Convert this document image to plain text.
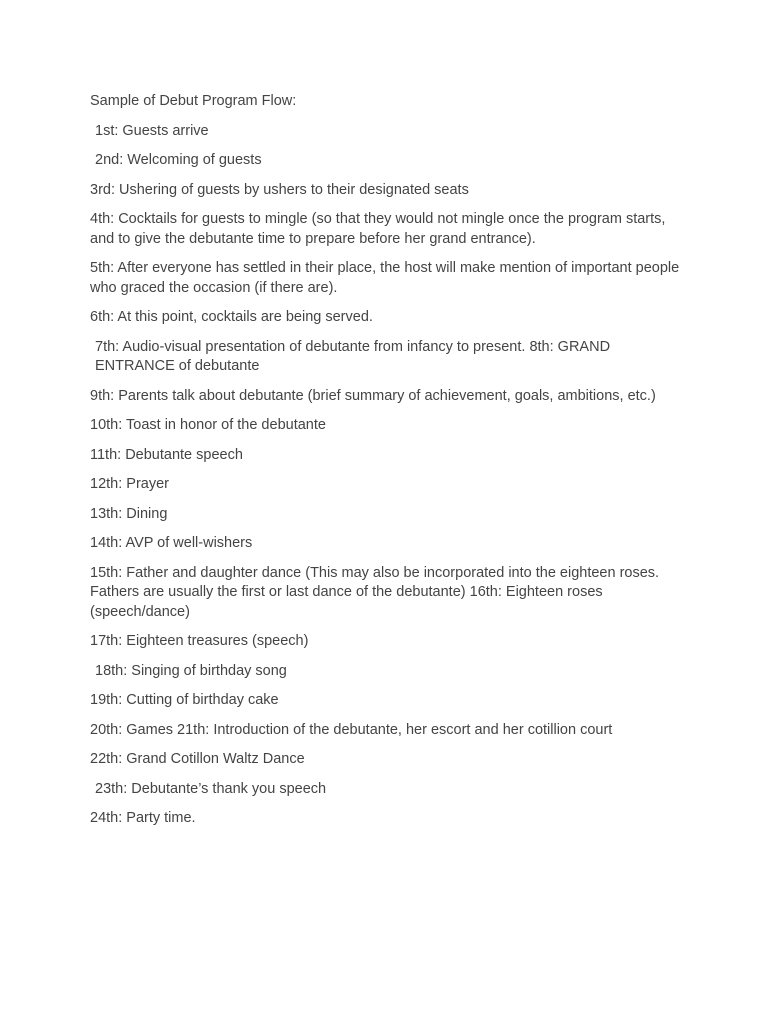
Sample of Debut Program Flow:
1st: Guests arrive
2nd: Welcoming of guests
3rd: Ushering of guests by ushers to their designated seats
4th: Cocktails for guests to mingle (so that they would not mingle once the program starts, and to give the debutante time to prepare before her grand entrance).
5th: After everyone has settled in their place, the host will make mention of important people who graced the occasion (if there are).
6th: At this point, cocktails are being served.
7th: Audio-visual presentation of debutante from infancy to present. 8th: GRAND ENTRANCE of debutante
9th: Parents talk about debutante (brief summary of achievement, goals, ambitions, etc.)
10th: Toast in honor of the debutante
11th: Debutante speech
12th: Prayer
13th: Dining
14th: AVP of well-wishers
15th: Father and daughter dance (This may also be incorporated into the eighteen roses. Fathers are usually the first or last dance of the debutante) 16th: Eighteen roses (speech/dance)
17th: Eighteen treasures (speech)
18th: Singing of birthday song
19th: Cutting of birthday cake
20th: Games 21th: Introduction of the debutante, her escort and her cotillion court
22th: Grand Cotillon Waltz Dance
23th: Debutante’s thank you speech
24th: Party time.
